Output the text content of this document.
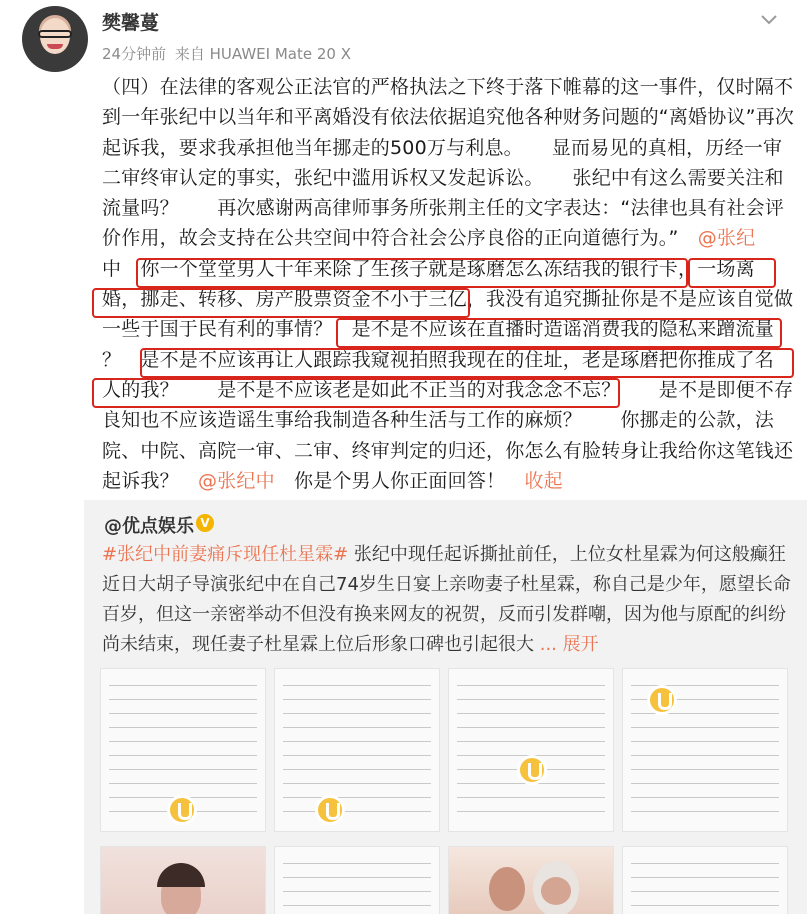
樊馨蔓
24分钟前 来自 HUAWEI Mate 20 X
（四）在法律的客观公正法官的严格执法之下终于落下帷幕的这一事件，仅时隔不
到一年张纪中以当年和平离婚没有依法依据追究他各种财务问题的“离婚协议”再次
起诉我，要求我承担他当年挪走的500万与利息。　　显而易见的真相，历经一审
二审终审认定的事实，张纪中滥用诉权又发起诉讼。　　张纪中有这么需要关注和
流量吗？　　再次感谢两高律师事务所张荆主任的文字表达：“法律也具有社会评
价作用，故会支持在公共空间中符合社会公序良俗的正向道德行为。”　@张纪
中　你一个堂堂男人十年来除了生孩子就是琢磨怎么冻结我的银行卡，一场离
婚，挪走、转移、房产股票资金不小于三亿，我没有追究撕扯你是不是应该自觉做
一些于国于民有利的事情？　是不是不应该在直播时造谣消费我的隐私来蹭流量
？　是不是不应该再让人跟踪我窥视拍照我现在的住址，老是琢磨把你推成了名
人的我？　　是不是不应该老是如此不正当的对我念念不忘？　　是不是即便不存
良知也不应该造谣生事给我制造各种生活与工作的麻烦？　　你挪走的公款，法
院、中院、高院一审、二审、终审判定的归还，你怎么有脸转身让我给你这笔钱还
起诉我？　@张纪中　你是个男人你正面回答！　收起
@优点娱乐 V
#张纪中前妻痛斥现任杜星霖# 张纪中现任起诉撕扯前任，上位女杜星霖为何这般癫狂
近日大胡子导演张纪中在自己74岁生日宴上亲吻妻子杜星霖，称自己是少年，愿望长命
百岁，但这一亲密举动不但没有换来网友的祝贺，反而引发群嘲，因为他与原配的纠纷
尚未结束，现任妻子杜星霖上位后形象口碑也引起很大 ... 展开
